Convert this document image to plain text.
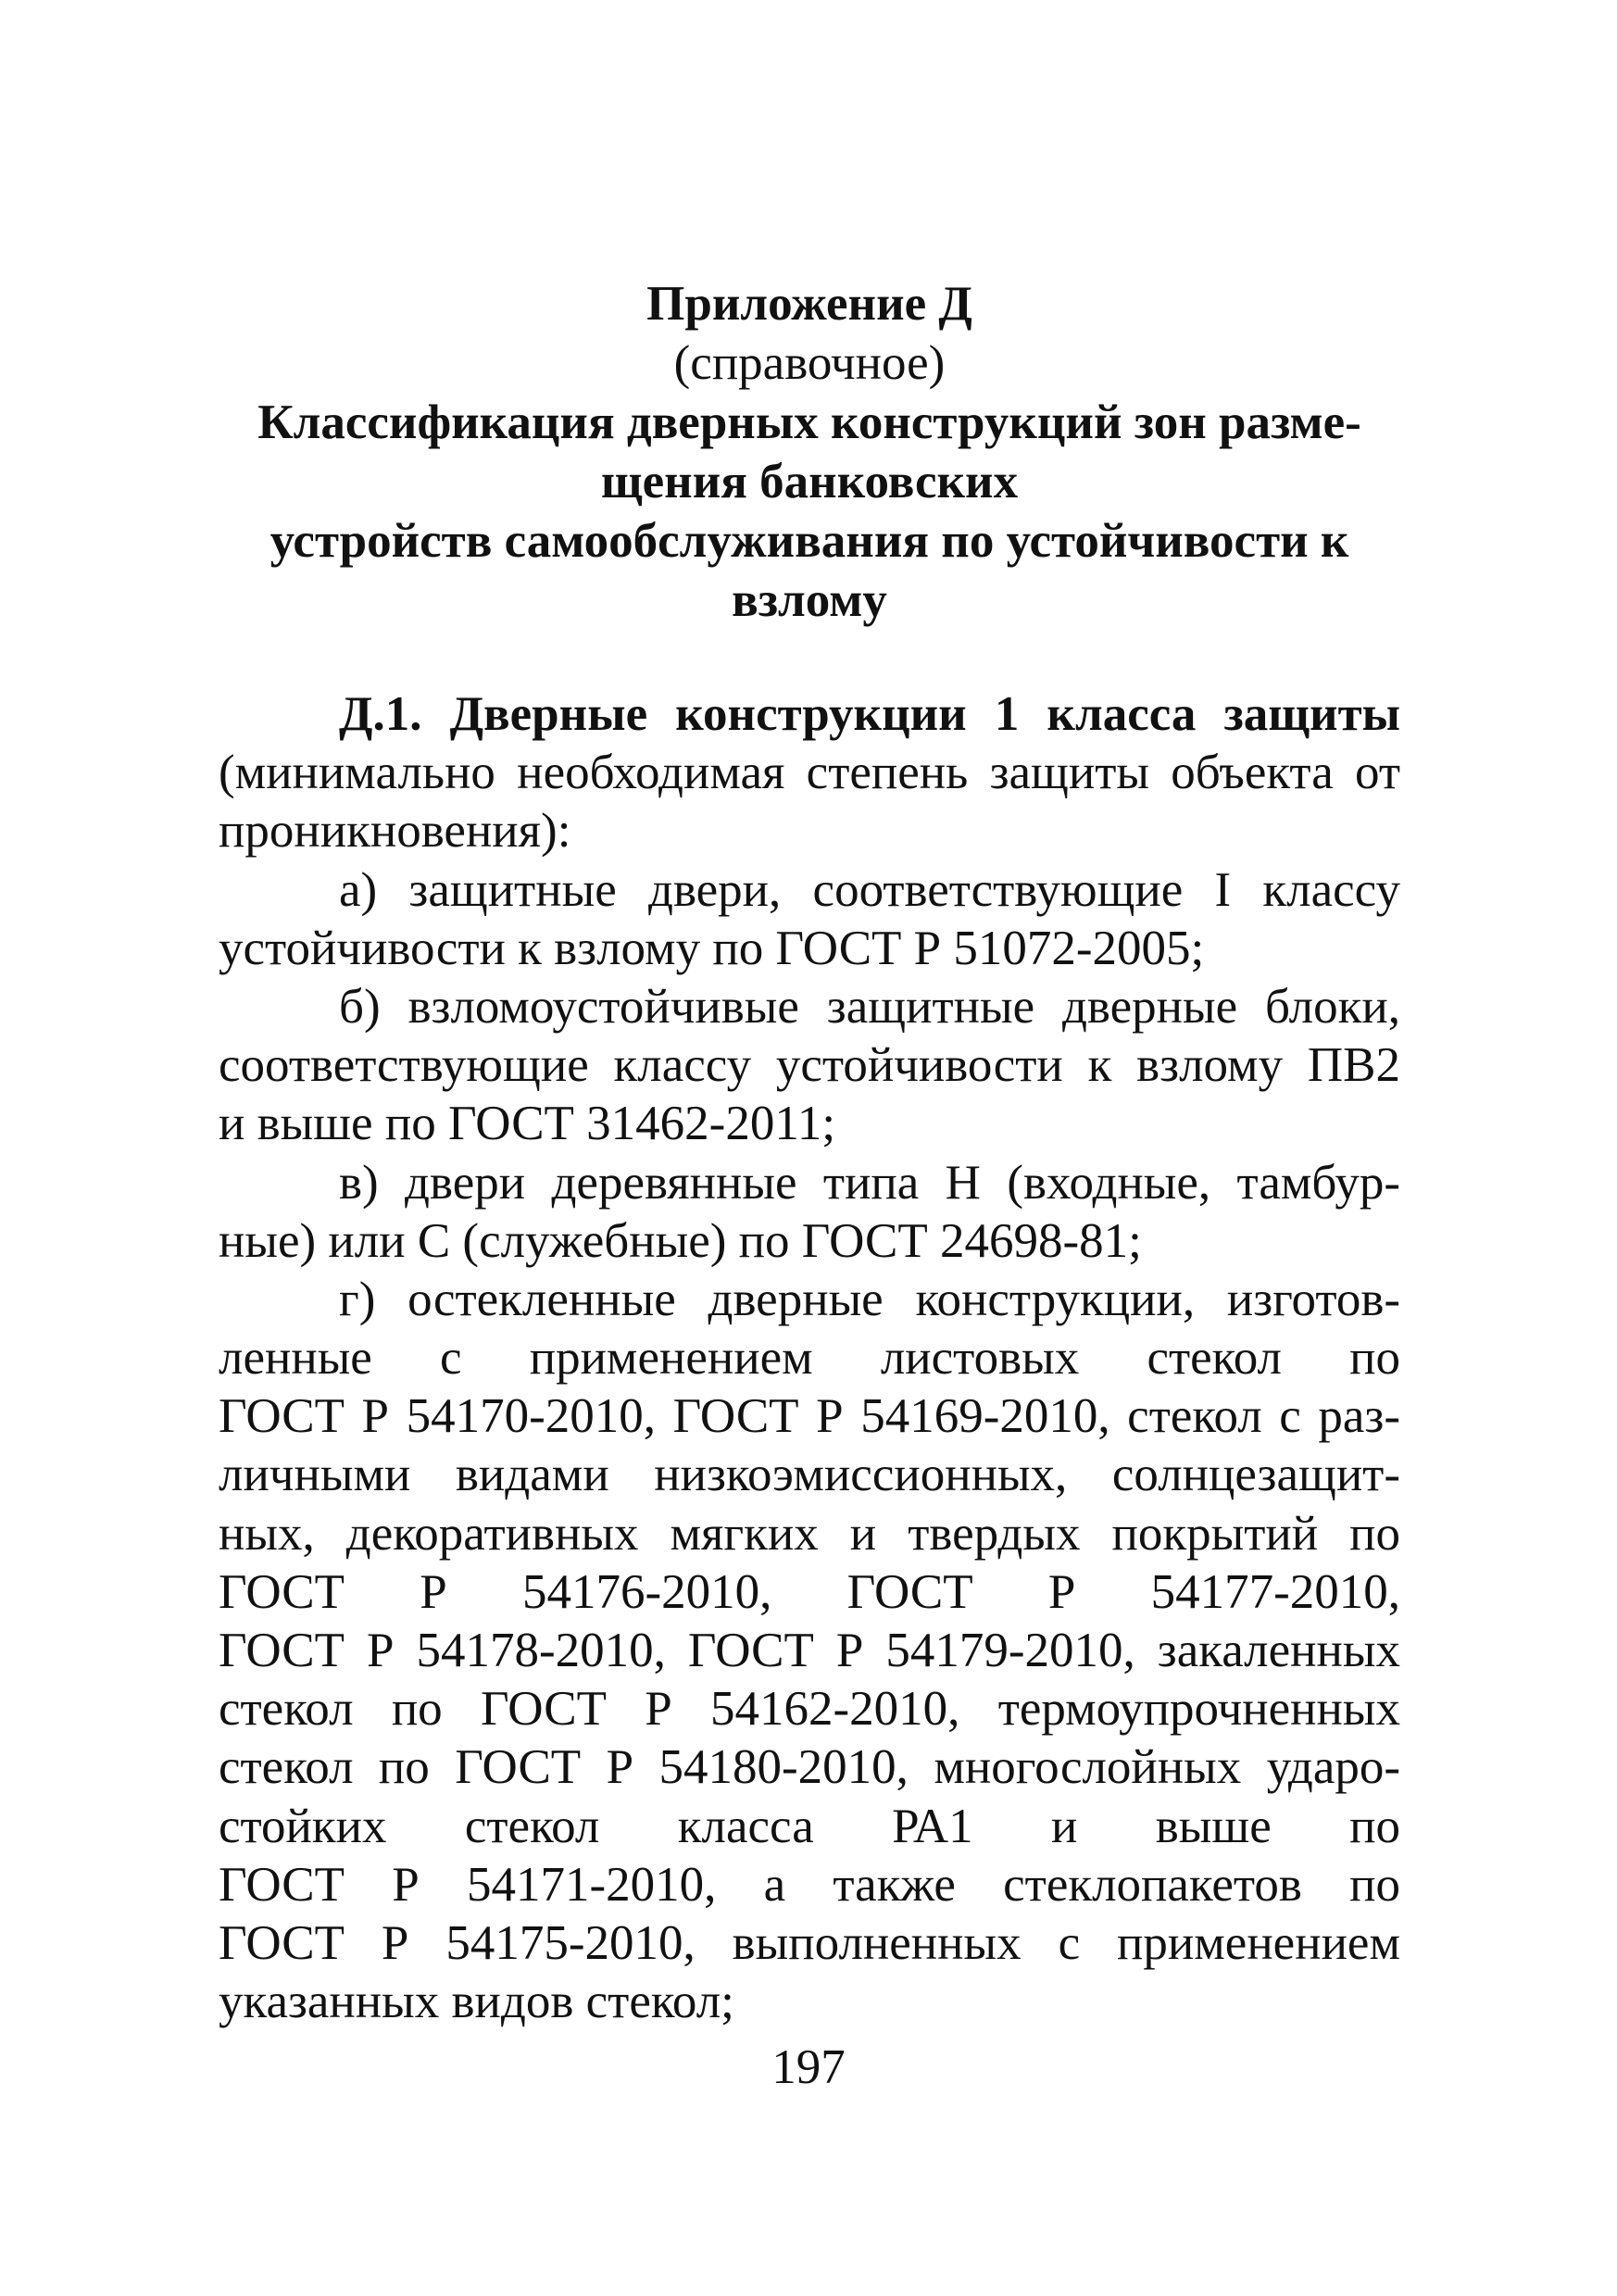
Приложение Д
(справочное)
Классификация дверных конструкций зон разме-
щения банковских
устройств самообслуживания по устойчивости к
взлому
Д.1. Дверные конструкции 1 класса защиты
(минимально необходимая степень защиты объекта от
проникновения):
а) защитные двери, соответствующие I классу
устойчивости к взлому по ГОСТ Р 51072-2005;
б) взломоустойчивые защитные дверные блоки,
соответствующие классу устойчивости к взлому ПВ2
и выше по ГОСТ 31462-2011;
в) двери деревянные типа Н (входные, тамбур-
ные) или С (служебные) по ГОСТ 24698-81;
г) остекленные дверные конструкции, изготов-
ленные с применением листовых стекол по
ГОСТ Р 54170-2010, ГОСТ Р 54169-2010, стекол с раз-
личными видами низкоэмиссионных, солнцезащит-
ных, декоративных мягких и твердых покрытий по
ГОСТ Р 54176-2010, ГОСТ Р 54177-2010,
ГОСТ Р 54178-2010, ГОСТ Р 54179-2010, закаленных
стекол по ГОСТ Р 54162-2010, термоупрочненных
стекол по ГОСТ Р 54180-2010, многослойных ударо-
стойких стекол класса РА1 и выше по
ГОСТ Р 54171-2010, а также стеклопакетов по
ГОСТ Р 54175-2010, выполненных с применением
указанных видов стекол;
197
